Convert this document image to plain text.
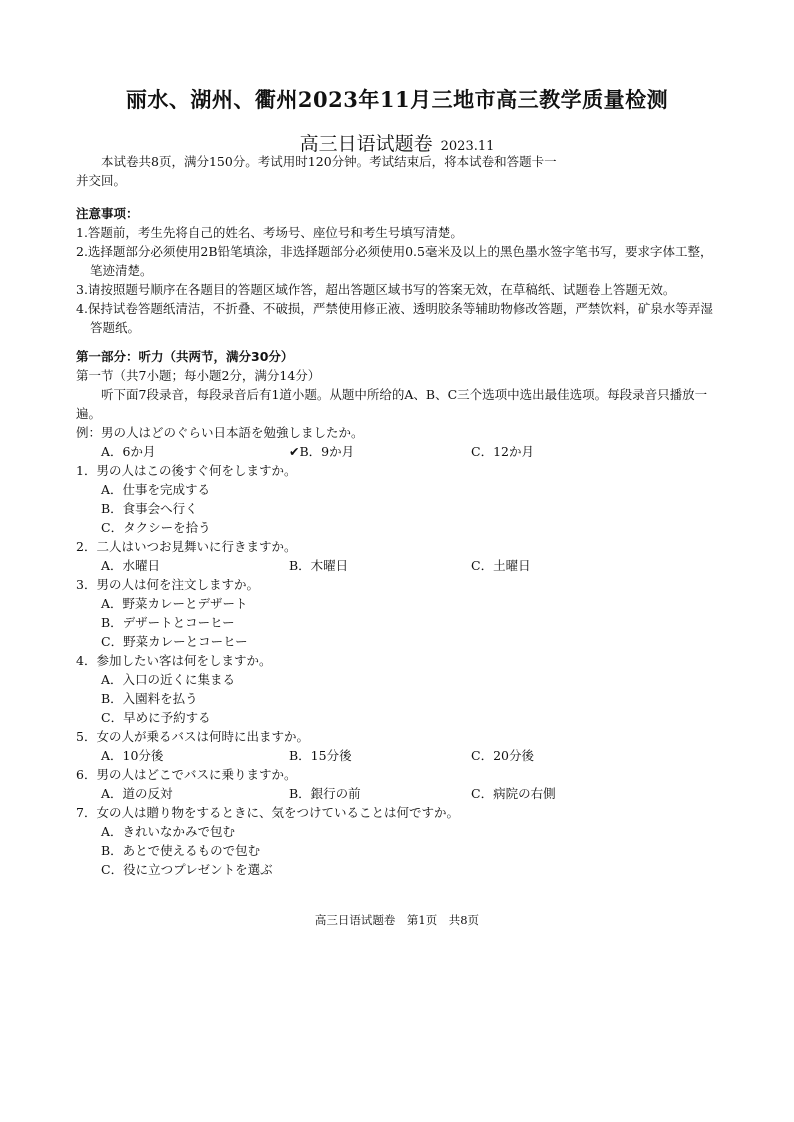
丽水、湖州、衢州2023年11月三地市高三教学质量检测
高三日语试题卷 2023.11

本试卷共8页，满分150分。考试用时120分钟。考试结束后，将本试卷和答题卡一
并交回。

注意事项：

1.答题前，考生先将自己的姓名、考场号、座位号和考生号填写清楚。

2.选择题部分必须使用2B铅笔填涂，非选择题部分必须使用0.5毫米及以上的黑色墨水签字笔书写，要求字体工整，笔迹清楚。

3.请按照题号顺序在各题目的答题区域作答，超出答题区域书写的答案无效，在草稿纸、试题卷上答题无效。

4.保持试卷答题纸清洁，不折叠、不破损，严禁使用修正液、透明胶条等辅助物修改答题，严禁饮料，矿泉水等弄湿答题纸。

第一部分：听力（共两节，满分30分）

第一节（共7小题；每小题2分，满分14分）

听下面7段录音，每段录音后有1道小题。从题中所给的A、B、C三个选项中选出最佳选项。每段录音只播放一遍。

例：男の人はどのぐらい日本語を勉強しましたか。

A．6か月	✔B．9か月	C．12か月

1．男の人はこの後すぐ何をしますか。

A．仕事を完成する

B．食事会へ行く

C．タクシーを拾う

2．二人はいつお見舞いに行きますか。

A．水曜日	B．木曜日	C．土曜日

3．男の人は何を注文しますか。

A．野菜カレーとデザート

B．デザートとコーヒー

C．野菜カレーとコーヒー

4．参加したい客は何をしますか。

A．入口の近くに集まる

B．入園料を払う

C．早めに予約する

5．女の人が乗るバスは何時に出ますか。

A．10分後	B．15分後	C．20分後

6．男の人はどこでバスに乗りますか。

A．道の反対	B．銀行の前	C．病院の右側

7．女の人は贈り物をするときに、気をつけていることは何ですか。

A．きれいなかみで包む

B．あとで使えるもので包む

C．役に立つプレゼントを選ぶ

高三日语试题卷　第1页　共8页
